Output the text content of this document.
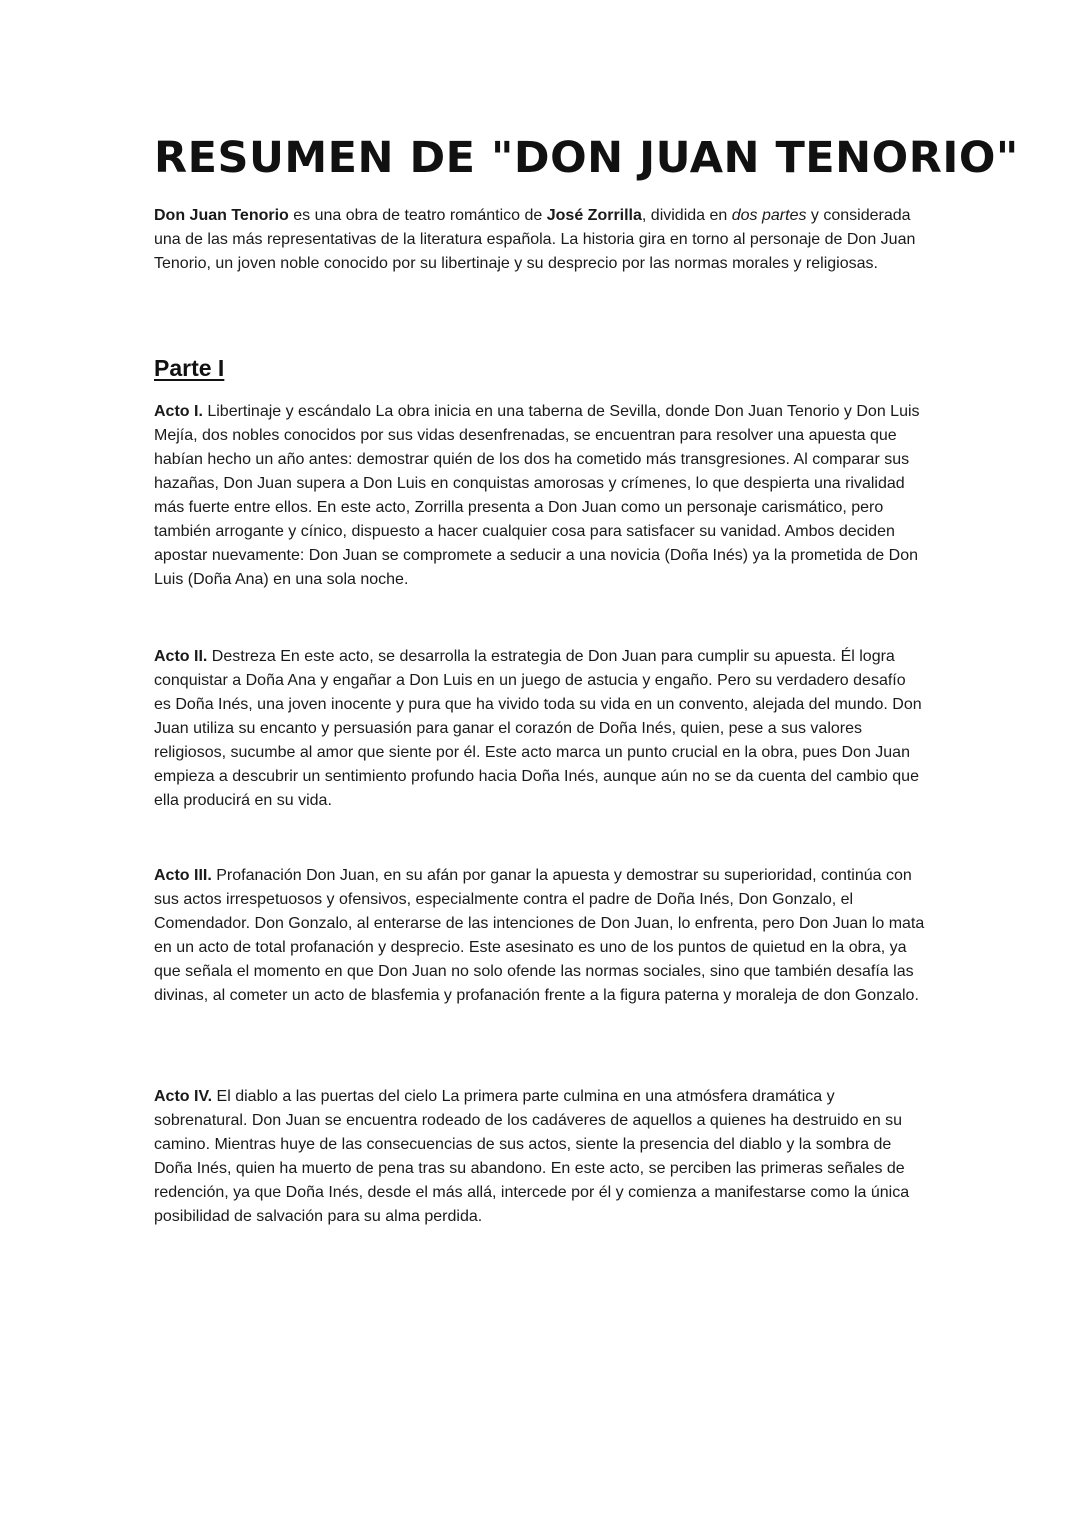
RESUMEN DE "DON JUAN TENORIO"

Don Juan Tenorio es una obra de teatro romántico de José Zorrilla, dividida en dos partes y considerada una de las más representativas de la literatura española. La historia gira en torno al personaje de Don Juan Tenorio, un joven noble conocido por su libertinaje y su desprecio por las normas morales y religiosas.

Parte I

Acto I. Libertinaje y escándalo La obra inicia en una taberna de Sevilla, donde Don Juan Tenorio y Don Luis Mejía, dos nobles conocidos por sus vidas desenfrenadas, se encuentran para resolver una apuesta que habían hecho un año antes: demostrar quién de los dos ha cometido más transgresiones. Al comparar sus hazañas, Don Juan supera a Don Luis en conquistas amorosas y crímenes, lo que despierta una rivalidad más fuerte entre ellos. En este acto, Zorrilla presenta a Don Juan como un personaje carismático, pero también arrogante y cínico, dispuesto a hacer cualquier cosa para satisfacer su vanidad. Ambos deciden apostar nuevamente: Don Juan se compromete a seducir a una novicia (Doña Inés) ya la prometida de Don Luis (Doña Ana) en una sola noche.

Acto II. Destreza En este acto, se desarrolla la estrategia de Don Juan para cumplir su apuesta. Él logra conquistar a Doña Ana y engañar a Don Luis en un juego de astucia y engaño. Pero su verdadero desafío es Doña Inés, una joven inocente y pura que ha vivido toda su vida en un convento, alejada del mundo. Don Juan utiliza su encanto y persuasión para ganar el corazón de Doña Inés, quien, pese a sus valores religiosos, sucumbe al amor que siente por él. Este acto marca un punto crucial en la obra, pues Don Juan empieza a descubrir un sentimiento profundo hacia Doña Inés, aunque aún no se da cuenta del cambio que ella producirá en su vida.

Acto III. Profanación Don Juan, en su afán por ganar la apuesta y demostrar su superioridad, continúa con sus actos irrespetuosos y ofensivos, especialmente contra el padre de Doña Inés, Don Gonzalo, el Comendador. Don Gonzalo, al enterarse de las intenciones de Don Juan, lo enfrenta, pero Don Juan lo mata en un acto de total profanación y desprecio. Este asesinato es uno de los puntos de quietud en la obra, ya que señala el momento en que Don Juan no solo ofende las normas sociales, sino que también desafía las divinas, al cometer un acto de blasfemia y profanación frente a la figura paterna y moraleja de don Gonzalo.

Acto IV. El diablo a las puertas del cielo La primera parte culmina en una atmósfera dramática y sobrenatural. Don Juan se encuentra rodeado de los cadáveres de aquellos a quienes ha destruido en su camino. Mientras huye de las consecuencias de sus actos, siente la presencia del diablo y la sombra de Doña Inés, quien ha muerto de pena tras su abandono. En este acto, se perciben las primeras señales de redención, ya que Doña Inés, desde el más allá, intercede por él y comienza a manifestarse como la única posibilidad de salvación para su alma perdida.
